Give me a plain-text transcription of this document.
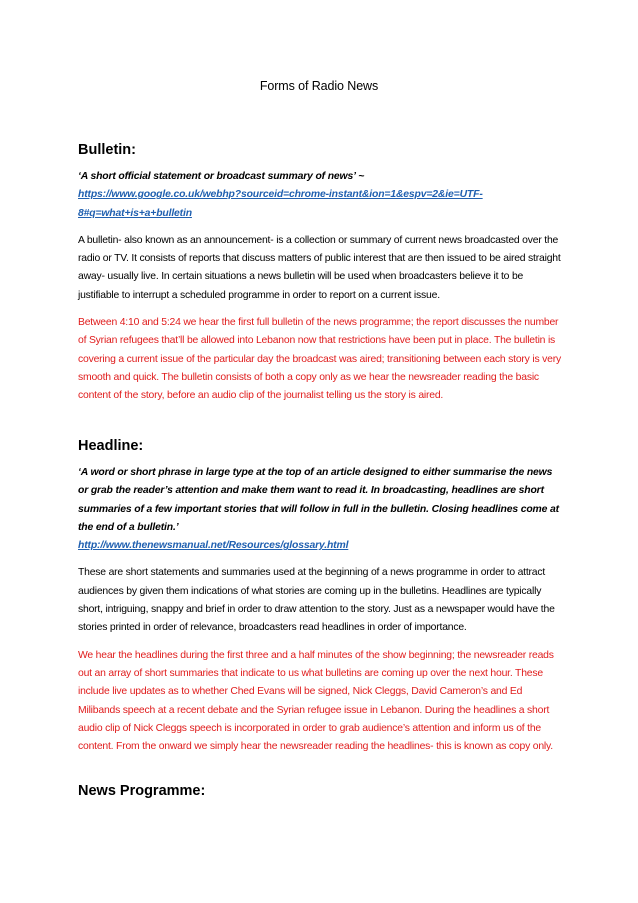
Forms of Radio News
Bulletin:

‘A short official statement or broadcast summary of news’ ~

https://www.google.co.uk/webhp?sourceid=chrome-instant&ion=1&espv=2&ie=UTF-

8#q=what+is+a+bulletin

A bulletin- also known as an announcement- is a collection or summary of current news broadcasted over the radio or TV. It consists of reports that discuss matters of public interest that are then issued to be aired straight away- usually live. In certain situations a news bulletin will be used when broadcasters believe it to be justifiable to interrupt a scheduled programme in order to report on a current issue.

Between 4:10 and 5:24 we hear the first full bulletin of the news programme; the report discusses the number of Syrian refugees that’ll be allowed into Lebanon now that restrictions have been put in place. The bulletin is covering a current issue of the particular day the broadcast was aired; transitioning between each story is very smooth and quick. The bulletin consists of both a copy only as we hear the newsreader reading the basic content of the story, before an audio clip of the journalist telling us the story is aired.

Headline:

‘A word or short phrase in large type at the top of an article designed to either summarise the news or grab the reader’s attention and make them want to read it. In broadcasting, headlines are short summaries of a few important stories that will follow in full in the bulletin. Closing headlines come at the end of a bulletin.’

http://www.thenewsmanual.net/Resources/glossary.html

These are short statements and summaries used at the beginning of a news programme in order to attract audiences by given them indications of what stories are coming up in the bulletins. Headlines are typically short, intriguing, snappy and brief in order to draw attention to the story. Just as a newspaper would have the stories printed in order of relevance, broadcasters read headlines in order of importance.

We hear the headlines during the first three and a half minutes of the show beginning; the newsreader reads out an array of short summaries that indicate to us what bulletins are coming up over the next hour. These include live updates as to whether Ched Evans will be signed, Nick Cleggs, David Cameron’s and Ed Milibands speech at a recent debate and the Syrian refugee issue in Lebanon. During the headlines a short audio clip of Nick Cleggs speech is incorporated in order to grab audience’s attention and inform us of the content. From the onward we simply hear the newsreader reading the headlines- this is known as copy only.

News Programme:
